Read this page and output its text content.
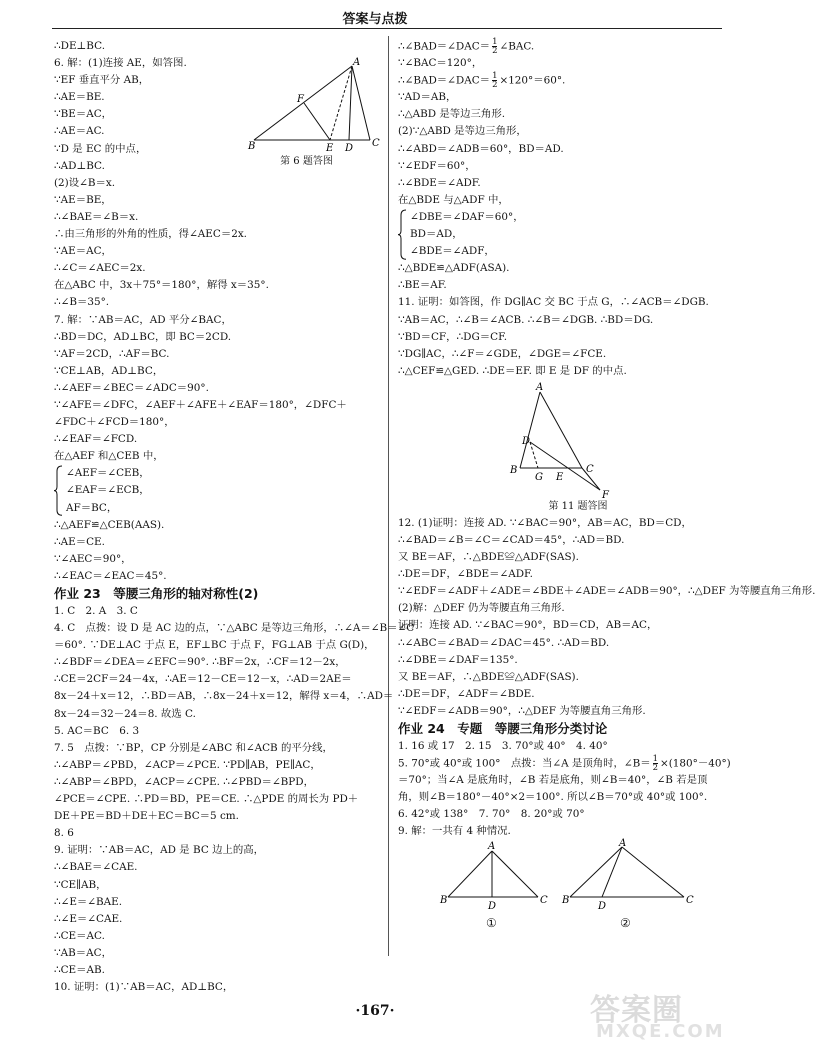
答案与点拨
∴DE⊥BC.
6. 解：(1)连接 AE，如答图.
∵EF 垂直平分 AB，
∴AE＝BE.
∵BE＝AC，
∴AE＝AC.
∵D 是 EC 的中点，
∴AD⊥BC.
(2)设∠B＝x.
∵AE＝BE，
∴∠BAE＝∠B＝x.
∴由三角形的外角的性质，得∠AEC＝2x.
∵AE＝AC，
∴∠C＝∠AEC＝2x.
在△ABC 中，3x＋75°＝180°，解得 x＝35°.
∴∠B＝35°.
7. 解：∵AB＝AC，AD 平分∠BAC，
∴BD＝DC，AD⊥BC，即 BC＝2CD.
∵AF＝2CD，∴AF＝BC.
∵CE⊥AB，AD⊥BC，
∴∠AEF＝∠BEC＝∠ADC＝90°.
∵∠AFE＝∠DFC，∠AEF＋∠AFE＋∠EAF＝180°，∠DFC＋
∠FDC＋∠FCD＝180°，
∴∠EAF＝∠FCD.
在△AEF 和△CEB 中，
∠AEF＝∠CEB，
∠EAF＝∠ECB，
AF＝BC，
∴△AEF≌△CEB(AAS).
∴AE＝CE.
∵∠AEC＝90°，
∴∠EAC＝∠EAC＝45°.
作业 23　等腰三角形的轴对称性(2)
1. C　2. A　3. C
4. C　点拨：设 D 是 AC 边的点，∵△ABC 是等边三角形，∴∠A＝∠B＝∠C
＝60°. ∵DE⊥AC 于点 E，EF⊥BC 于点 F，FG⊥AB 于点 G(D)，
∴∠BDF＝∠DEA＝∠EFC＝90°. ∴BF＝2x，∴CF＝12－2x，
∴CE＝2CF＝24－4x，∴AE＝12－CE＝12－x，∴AD＝2AE＝
8x－24＋x＝12，∴BD＝AB，∴8x－24＋x＝12，解得 x＝4，∴AD＝
8x－24＝32－24＝8. 故选 C.
5. AC＝BC　6. 3
7. 5　点拨：∵BP，CP 分别是∠ABC 和∠ACB 的平分线，
∴∠ABP＝∠PBD，∠ACP＝∠PCE. ∵PD∥AB，PE∥AC，
∴∠ABP＝∠BPD，∠ACP＝∠CPE. ∴∠PBD＝∠BPD，
∠PCE＝∠CPE. ∴PD＝BD，PE＝CE. ∴△PDE 的周长为 PD＋
DE＋PE＝BD＋DE＋EC＝BC＝5 cm.
8. 6
9. 证明：∵AB＝AC，AD 是 BC 边上的高，
∴∠BAE＝∠CAE.
∵CE∥AB，
∴∠E＝∠BAE.
∴∠E＝∠CAE.
∴CE＝AC.
∵AB＝AC，
∴CE＝AB.
10. 证明：(1)∵AB＝AC，AD⊥BC，
B
A
C
E D
F
第 6 题答图
∴∠BAD＝∠DAC＝ $\frac{1}{2}$ ∠BAC.
∵∠BAC＝120°，
∴∠BAD＝∠DAC＝ $\frac{1}{2} \times 120^\circ=60^\circ$.
∵AD＝AB，
∴△ABD 是等边三角形.
(2)∵△ABD 是等边三角形，
∴∠ABD＝∠ADB＝60°，BD＝AD.
∵∠EDF＝60°，
∴∠BDE＝∠ADF.
在△BDE 与△ADF 中，
∠DBE＝∠DAF＝60°，
BD＝AD，
∠BDE＝∠ADF，
∴△BDE≌△ADF(ASA).
∴BE＝AF.
11. 证明：如答图，作 DG∥AC 交 BC 于点 G，∴∠ACB＝∠DGB.
∵AB＝AC，∴∠B＝∠ACB. ∴∠B＝∠DGB. ∴BD＝DG.
∵BD＝CF，∴DG＝CF.
∵DG∥AC，∴∠F＝∠GDE，∠DGE＝∠FCE.
∴△CEF≌△GED. ∴DE＝EF. 即 E 是 DF 的中点.
A
B	C
D
G E
F
第 11 题答图
12. (1)证明：连接 AD. ∵∠BAC＝90°，AB＝AC，BD＝CD，
∴∠BAD＝∠B＝∠C＝∠CAD＝45°，∴AD＝BD.
又 BE＝AF，∴△BDE≌△ADF(SAS).
∴DE＝DF，∠BDE＝∠ADF.
∵∠EDF＝∠ADF＋∠ADE＝∠BDE＋∠ADE＝∠ADB＝90°，∴△DEF 为等腰直角三角形.
(2)解：△DEF 仍为等腰直角三角形.
证明：连接 AD. ∵∠BAC＝90°，BD＝CD，AB＝AC，
∴∠ABC＝∠BAD＝∠DAC＝45°. ∴AD＝BD.
∴∠DBE＝∠DAF＝135°.
又 BE＝AF，∴△BDE≌△ADF(SAS).
∴DE＝DF，∠ADF＝∠BDE.
∵∠EDF＝∠ADB＝90°，∴△DEF 为等腰直角三角形.
作业 24　专题　等腰三角形分类讨论
1. 16 或 17　2. 15　3. 70°或 40°　4. 40°
5. 70°或 40°或 100°　点拨：当∠A 是顶角时，∠B＝ $\frac{1}{2} \times(180^\circ-40^\circ)$
＝70°；当∠A 是底角时，∠B 若是底角，则∠B＝40°，∠B 若是顶
角，则∠B＝180°－40°×2＝100°. 所以∠B＝70°或 40°或 100°.
6. 42°或 138°　7. 70°　8. 20°或 70°
9. 解：一共有 4 种情况.
A
B	C
D
A
B	C
D
①	②
·167·	答案圈
MXQE.COM
